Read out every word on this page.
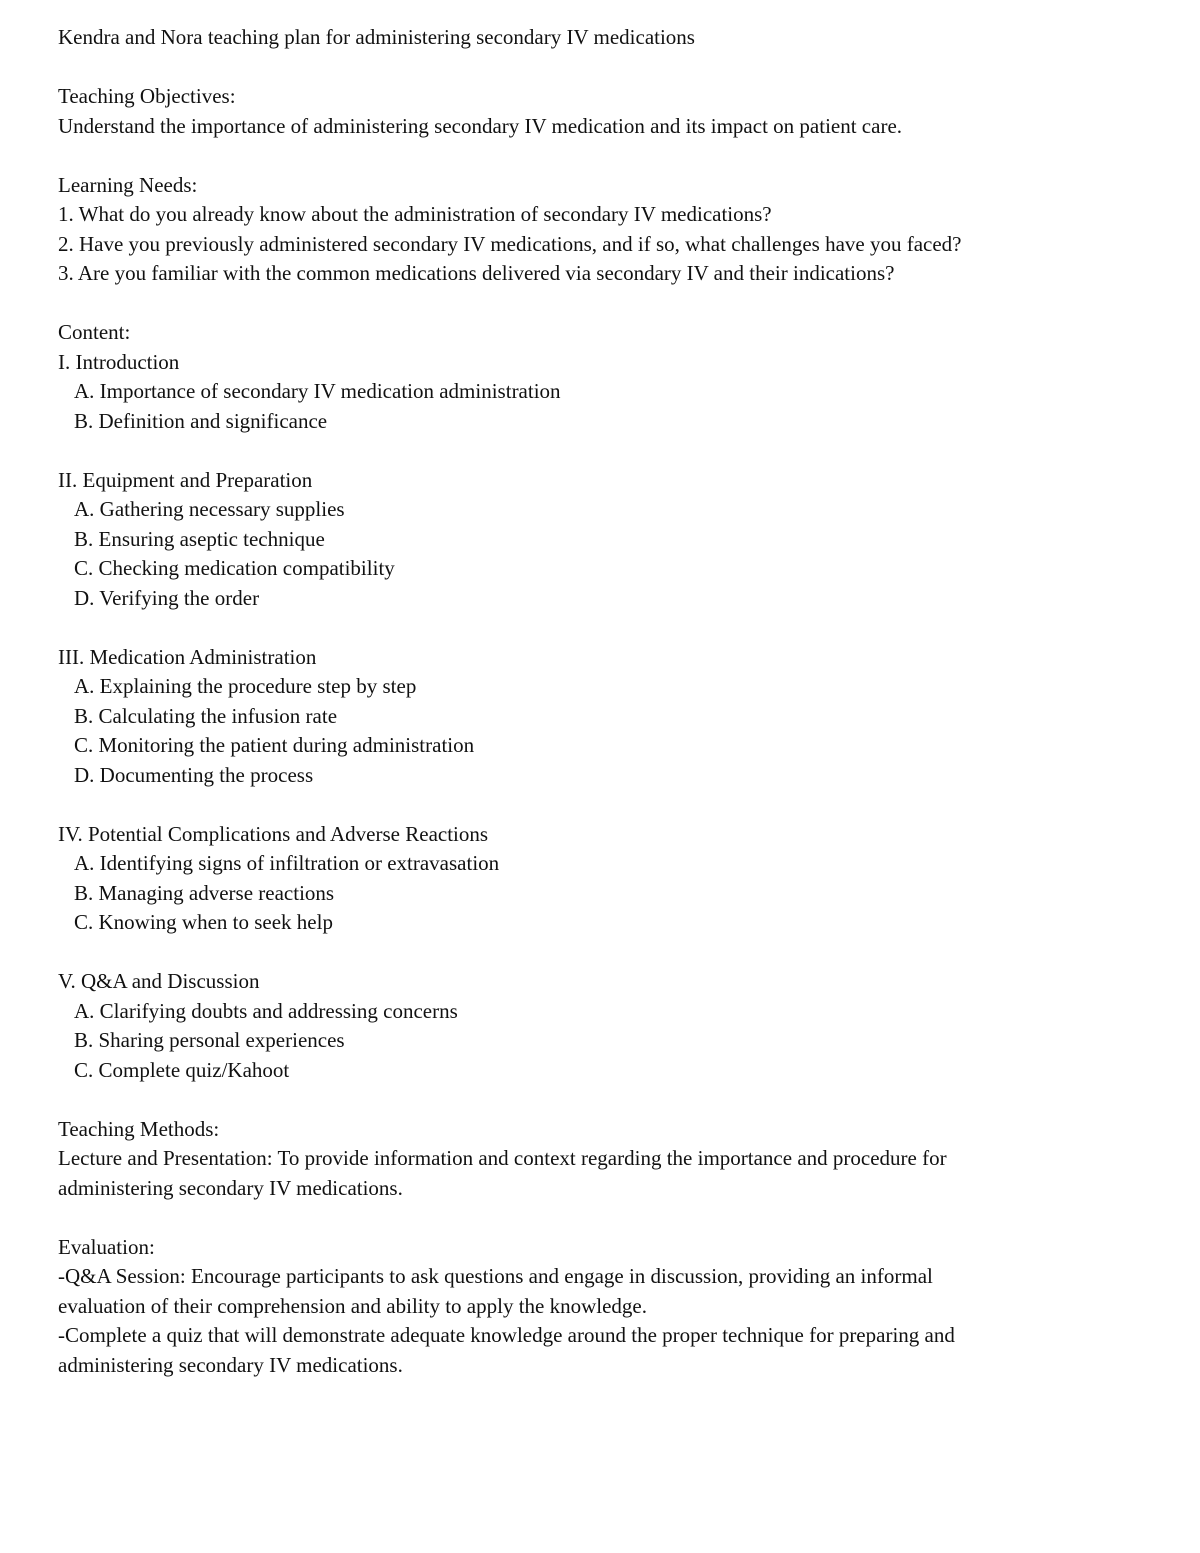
Kendra and Nora teaching plan for administering secondary IV medications
Teaching Objectives:
Understand the importance of administering secondary IV medication and its impact on patient care.
Learning Needs:
1. What do you already know about the administration of secondary IV medications?
2. Have you previously administered secondary IV medications, and if so, what challenges have you faced?
3. Are you familiar with the common medications delivered via secondary IV and their indications?
Content:
I. Introduction
A. Importance of secondary IV medication administration
B. Definition and significance
II. Equipment and Preparation
A. Gathering necessary supplies
B. Ensuring aseptic technique
C. Checking medication compatibility
D. Verifying the order
III. Medication Administration
A. Explaining the procedure step by step
B. Calculating the infusion rate
C. Monitoring the patient during administration
D. Documenting the process
IV. Potential Complications and Adverse Reactions
A. Identifying signs of infiltration or extravasation
B. Managing adverse reactions
C. Knowing when to seek help
V. Q&A and Discussion
A. Clarifying doubts and addressing concerns
B. Sharing personal experiences
C. Complete quiz/Kahoot
Teaching Methods:
Lecture and Presentation: To provide information and context regarding the importance and procedure for
administering secondary IV medications.
Evaluation:
-Q&A Session: Encourage participants to ask questions and engage in discussion, providing an informal
evaluation of their comprehension and ability to apply the knowledge.
-Complete a quiz that will demonstrate adequate knowledge around the proper technique for preparing and
administering secondary IV medications.
